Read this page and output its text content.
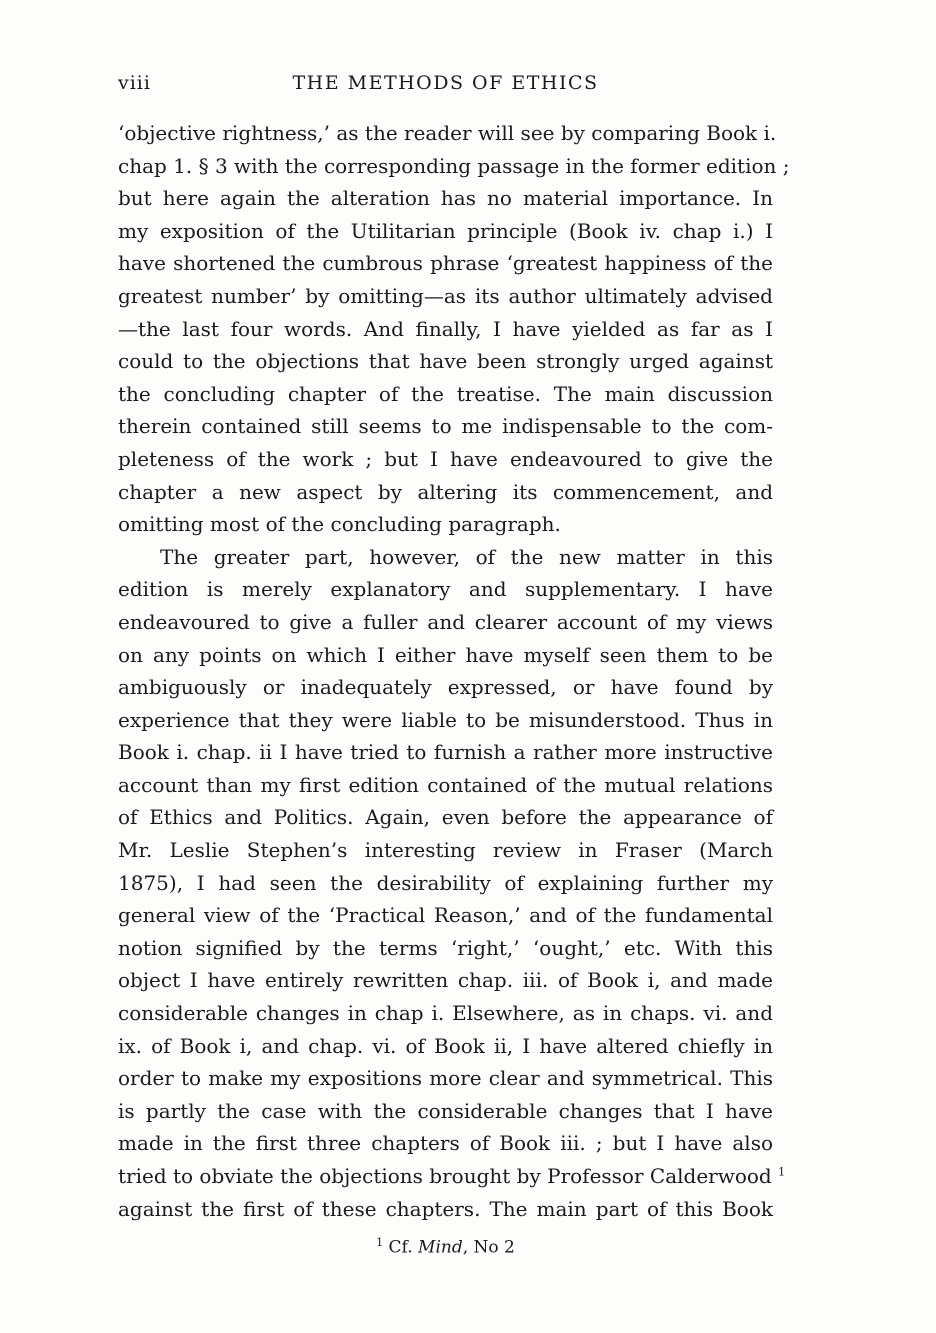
viii	THE METHODS OF ETHICS
‘objective rightness,’ as the reader will see by comparing Book i.
chap 1. § 3 with the corresponding passage in the former edition ;
but here again the alteration has no material importance. In
my exposition of the Utilitarian principle (Book iv. chap i.) I
have shortened the cumbrous phrase ‘greatest happiness of the
greatest number’ by omitting—as its author ultimately advised
—the last four words. And finally, I have yielded as far as I
could to the objections that have been strongly urged against
the concluding chapter of the treatise. The main discussion
therein contained still seems to me indispensable to the com-
pleteness of the work ; but I have endeavoured to give the
chapter a new aspect by altering its commencement, and
omitting most of the concluding paragraph.
The greater part, however, of the new matter in this
edition is merely explanatory and supplementary. I have
endeavoured to give a fuller and clearer account of my views
on any points on which I either have myself seen them to be
ambiguously or inadequately expressed, or have found by
experience that they were liable to be misunderstood. Thus in
Book i. chap. ii I have tried to furnish a rather more instructive
account than my first edition contained of the mutual relations
of Ethics and Politics. Again, even before the appearance of
Mr. Leslie Stephen’s interesting review in Fraser (March
1875), I had seen the desirability of explaining further my
general view of the ‘Practical Reason,’ and of the fundamental
notion signified by the terms ‘right,’ ‘ought,’ etc. With this
object I have entirely rewritten chap. iii. of Book i, and made
considerable changes in chap i. Elsewhere, as in chaps. vi. and
ix. of Book i, and chap. vi. of Book ii, I have altered chiefly in
order to make my expositions more clear and symmetrical. This
is partly the case with the considerable changes that I have
made in the first three chapters of Book iii. ; but I have also
tried to obviate the objections brought by Professor Calderwood $^1$
against the first of these chapters. The main part of this Book
$^1$ Cf. Mind, No 2
